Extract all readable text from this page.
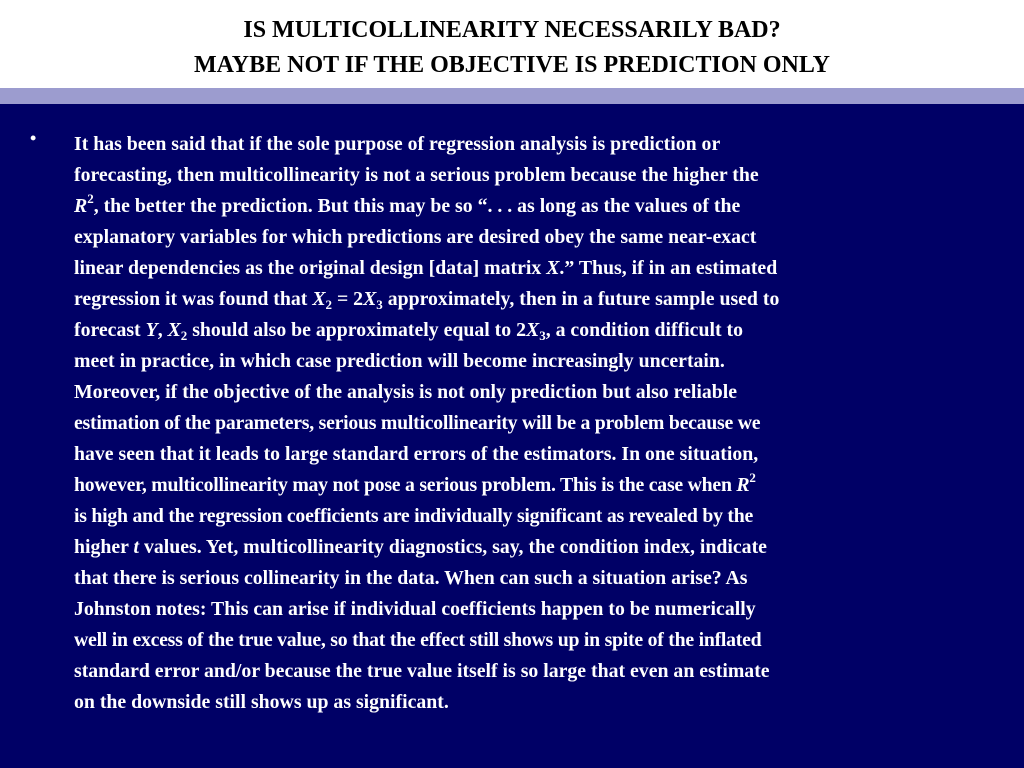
IS MULTICOLLINEARITY NECESSARILY BAD?
MAYBE NOT IF THE OBJECTIVE IS PREDICTION ONLY
• It has been said that if the sole purpose of regression analysis is prediction or
forecasting, then multicollinearity is not a serious problem because the higher the
$R^2$, the better the prediction. But this may be so “. . . as long as the values of the
explanatory variables for which predictions are desired obey the same near-exact
linear dependencies as the original design [data] matrix X.” Thus, if in an estimated
regression it was found that $X_2 = 2X_3$ approximately, then in a future sample used to
forecast Y, $X_2$ should also be approximately equal to $2X_3$, a condition difficult to
meet in practice, in which case prediction will become increasingly uncertain.
Moreover, if the objective of the analysis is not only prediction but also reliable
estimation of the parameters, serious multicollinearity will be a problem because we
have seen that it leads to large standard errors of the estimators. In one situation,
however, multicollinearity may not pose a serious problem. This is the case when $R^2$
is high and the regression coefficients are individually significant as revealed by the
higher t values. Yet, multicollinearity diagnostics, say, the condition index, indicate
that there is serious collinearity in the data. When can such a situation arise? As
Johnston notes: This can arise if individual coefficients happen to be numerically
well in excess of the true value, so that the effect still shows up in spite of the inflated
standard error and/or because the true value itself is so large that even an estimate
on the downside still shows up as significant.
